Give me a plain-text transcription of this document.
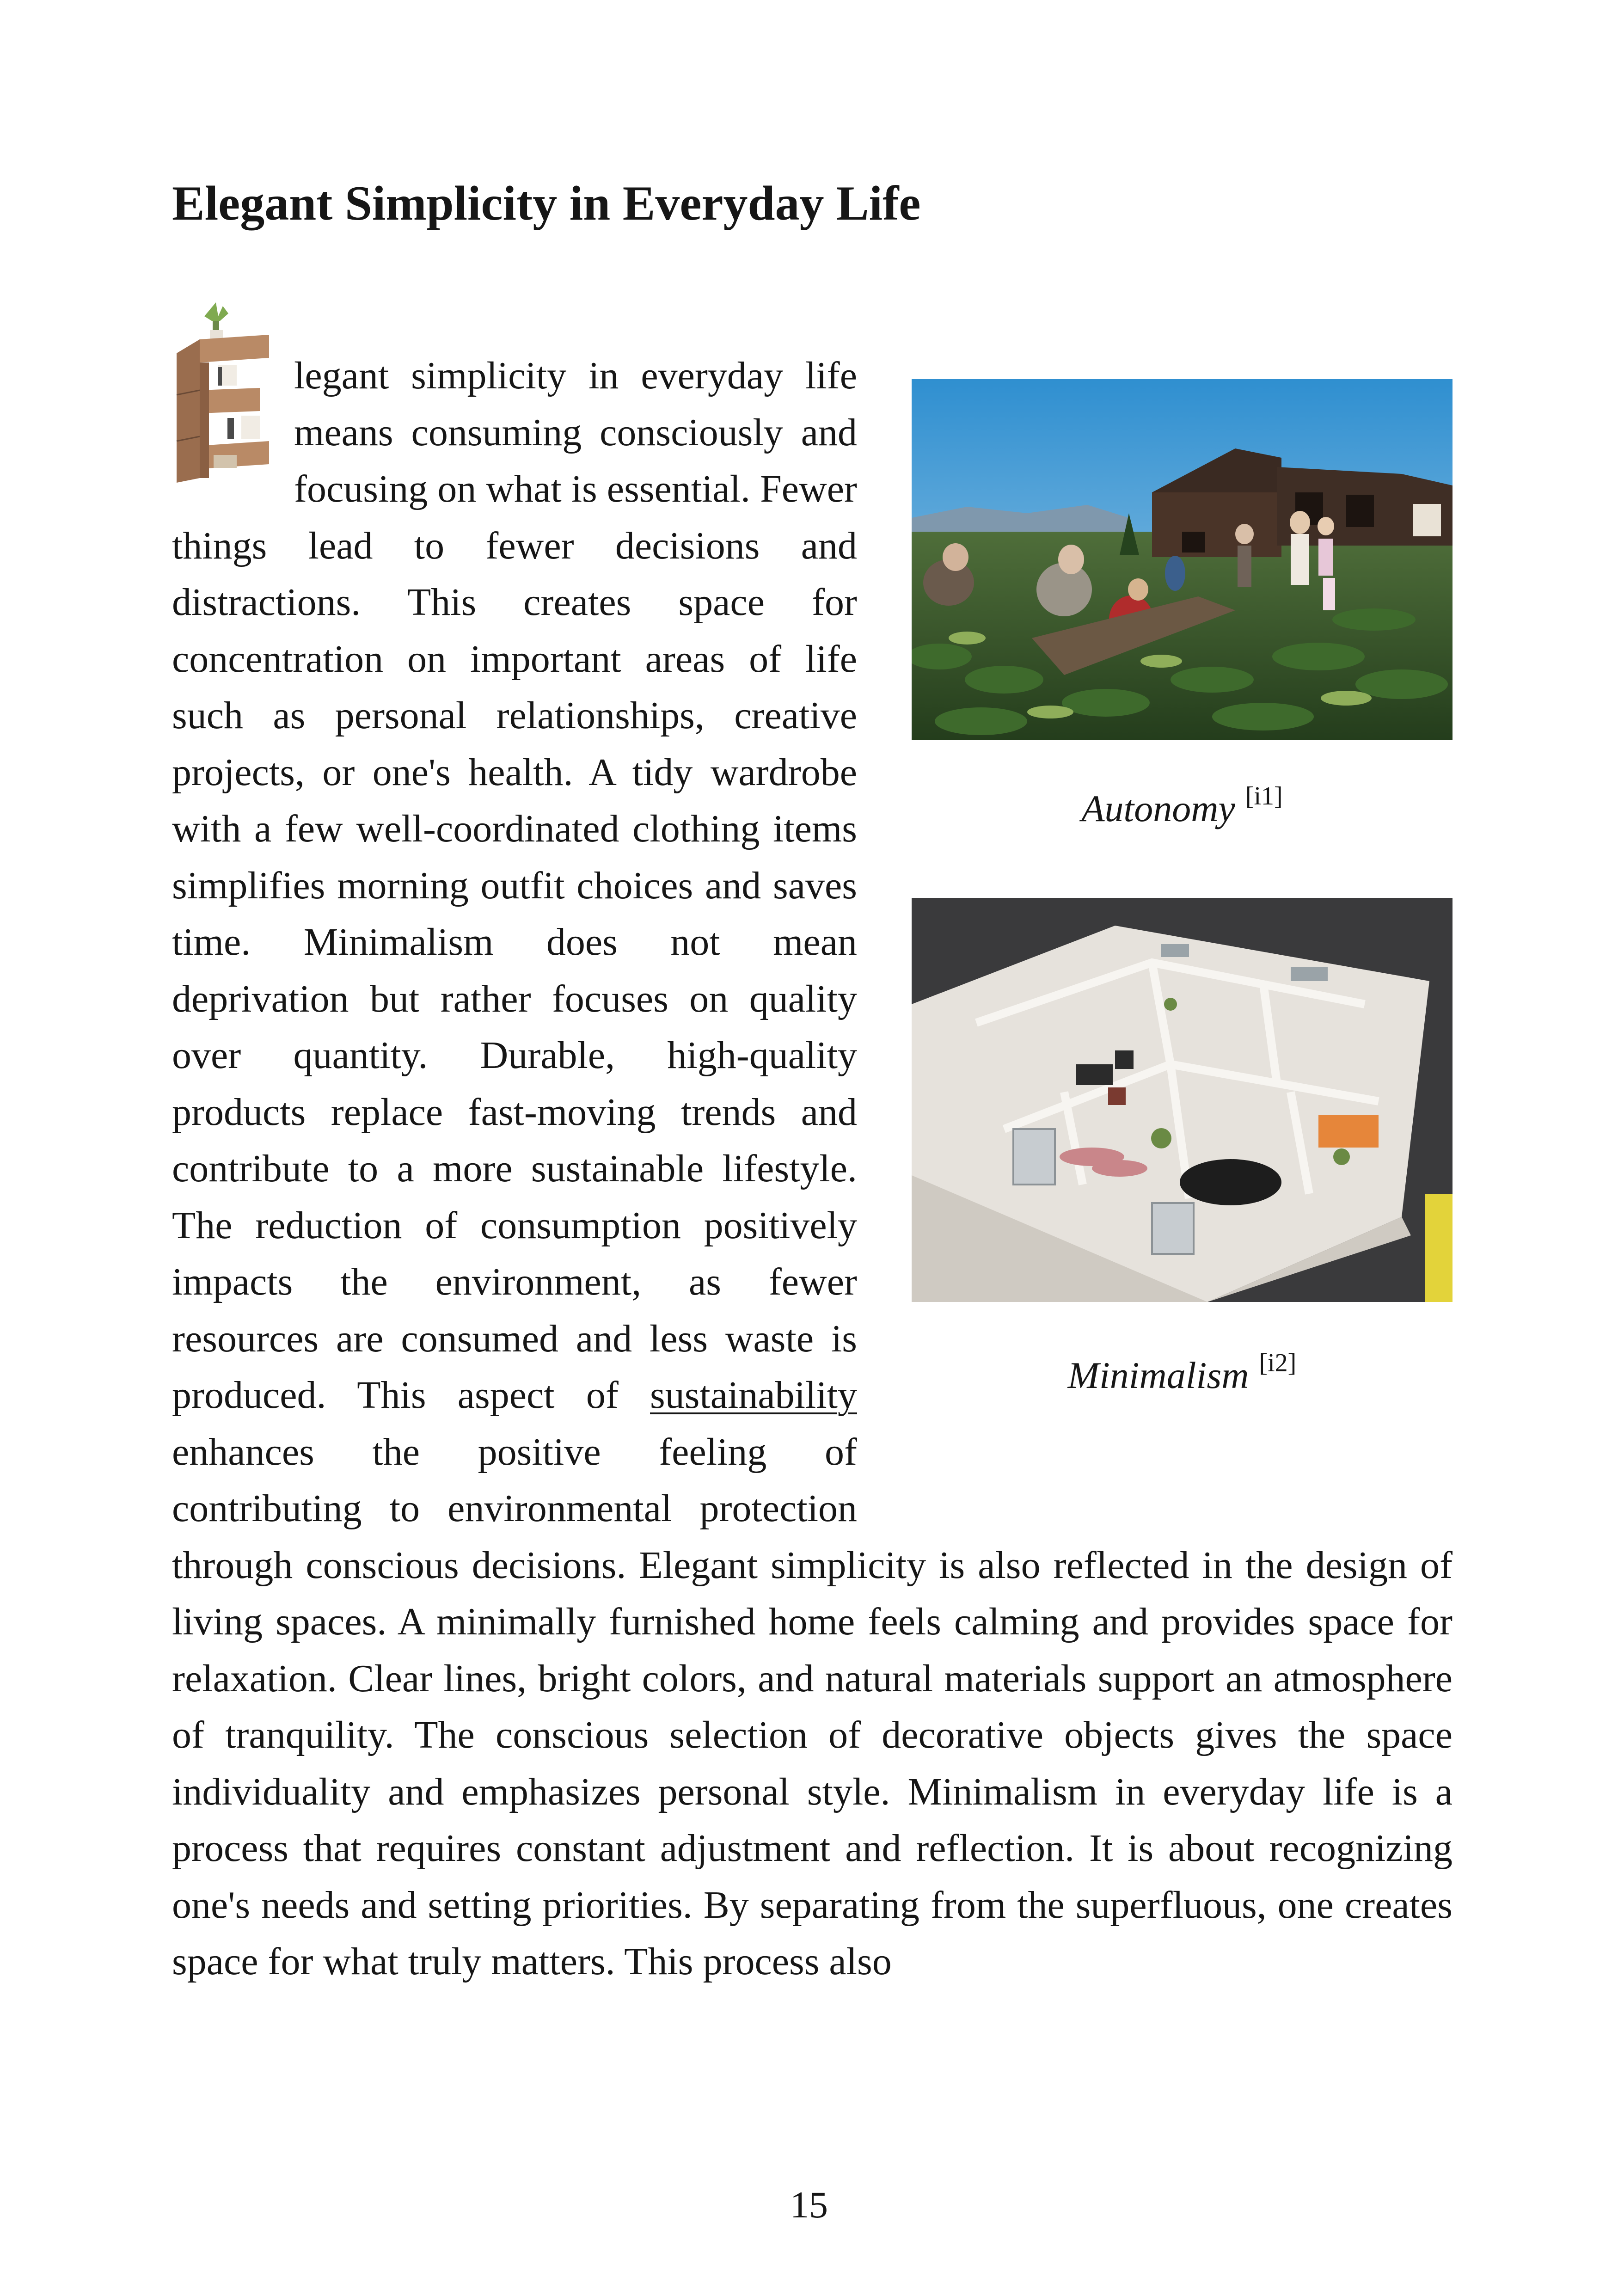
Elegant Simplicity in Everyday Life
Autonomy [i1]
Minimalism [i2]

legant simplicity in everyday life means consuming consciously and focusing on what is essential. Fewer things lead to fewer decisions and distractions. This creates space for concentration on important areas of life such as personal relationships, creative projects, or one's health. A tidy wardrobe with a few well-coordinated clothing items simplifies morning outfit choices and saves time. Minimalism does not mean deprivation but rather focuses on quality over quantity. Durable, high-quality products replace fast-moving trends and contribute to a more sustainable lifestyle. The reduction of consumption positively impacts the environment, as fewer resources are consumed and less waste is produced. This aspect of sustainability enhances the positive feeling of contributing to environmental protection through conscious decisions. Elegant simplicity is also reflected in the design of living spaces. A minimally furnished home feels calming and provides space for relaxation. Clear lines, bright colors, and natural materials support an atmosphere of tranquility. The conscious selection of decorative objects gives the space individuality and emphasizes personal style. Minimalism in everyday life is a process that requires constant adjustment and reflection. It is about recognizing one's needs and setting priorities. By separating from the superfluous, one creates space for what truly matters. This process also

15
